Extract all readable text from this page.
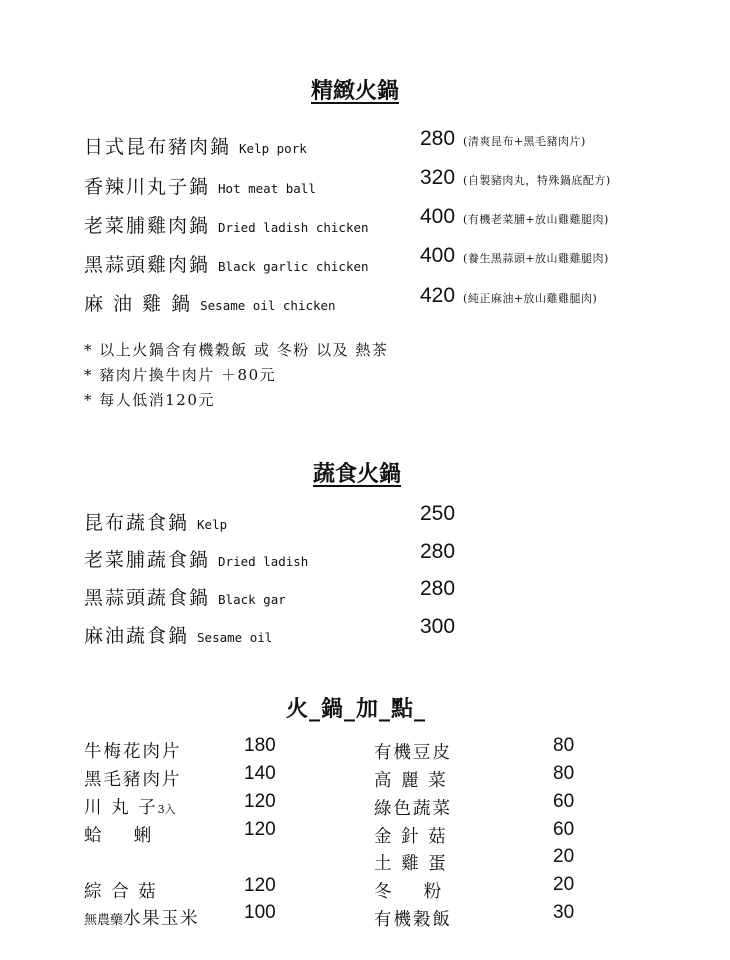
精緻火鍋
日式昆布豬肉鍋 Kelp pork	280 (清爽昆布+黑毛豬肉片)
香辣川丸子鍋 Hot meat ball	320 (自製豬肉丸，特殊鍋底配方)
老菜脯雞肉鍋 Dried ladish chicken 400 (有機老菜脯+放山雞雞腿肉)
黑蒜頭雞肉鍋 Black garlic chicken 400 (養生黑蒜頭+放山雞雞腿肉)
麻 油 雞 鍋 Sesame oil chicken	420 (純正麻油+放山雞雞腿肉)
* 以上火鍋含有機穀飯 或 冬粉 以及 熱茶
* 豬肉片換牛肉片 ＋80元
* 每人低消120元
蔬食火鍋
昆布蔬食鍋 Kelp	250
老菜脯蔬食鍋 Dried ladish	280
黑蒜頭蔬食鍋 Black gar	280
麻油蔬食鍋 Sesame oil	300
火_鍋_加_點_
牛梅花肉片	180
黑毛豬肉片	140
川 丸 子3入	120
蛤    蜊	120
綜 合 菇	120
無農藥水果玉米 100
有機豆皮	80
高 麗 菜	80
綠色蔬菜	60
金 針 菇	60
土 雞 蛋	20
冬    粉	20
有機穀飯	30
